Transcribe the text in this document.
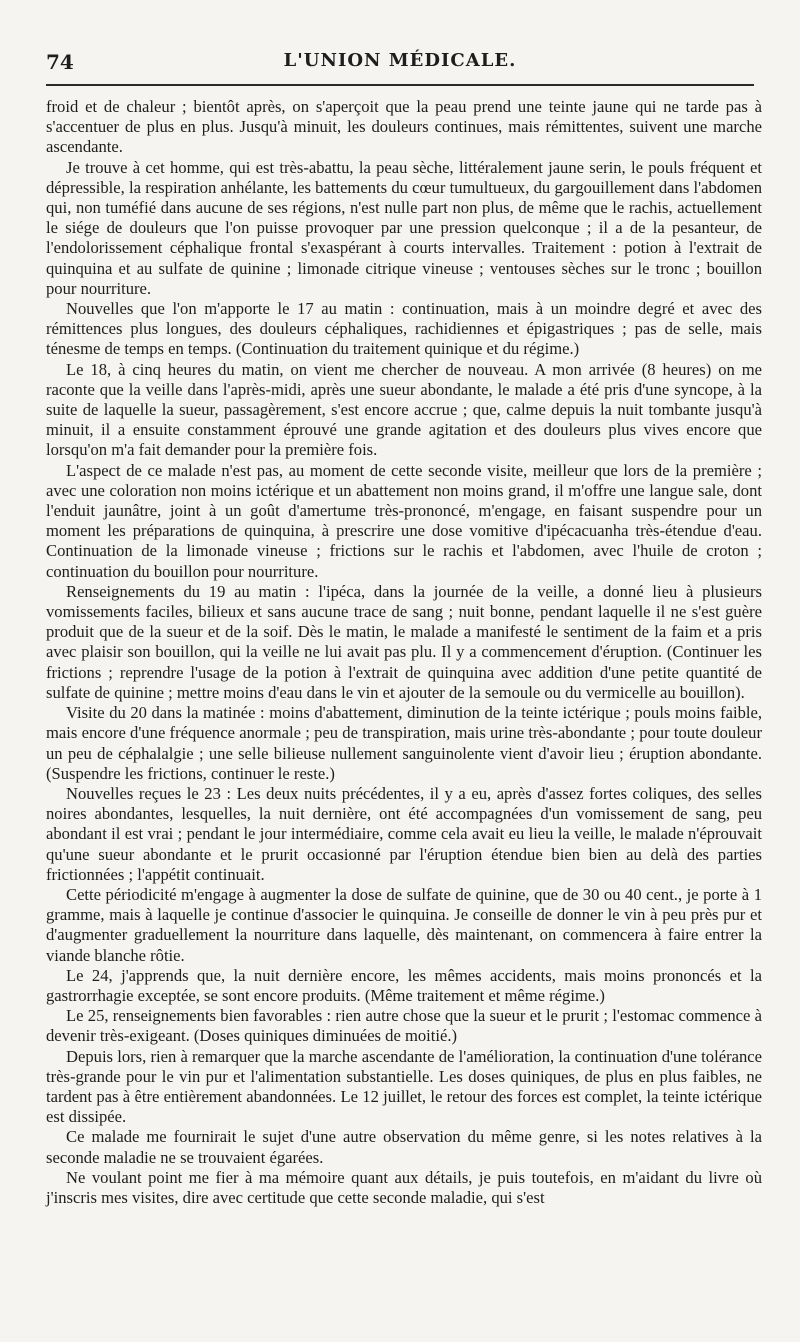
74	L'UNION MÉDICALE.

froid et de chaleur ; bientôt après, on s'aperçoit que la peau prend une teinte jaune qui ne tarde pas à s'accentuer de plus en plus. Jusqu'à minuit, les douleurs continues, mais rémittentes, suivent une marche ascendante.

Je trouve à cet homme, qui est très-abattu, la peau sèche, littéralement jaune serin, le pouls fréquent et dépressible, la respiration anhélante, les battements du cœur tumultueux, du gargouillement dans l'abdomen qui, non tuméfié dans aucune de ses régions, n'est nulle part non plus, de même que le rachis, actuellement le siége de douleurs que l'on puisse provoquer par une pression quelconque ; il a de la pesanteur, de l'endolorissement céphalique frontal s'exaspérant à courts intervalles. Traitement : potion à l'extrait de quinquina et au sulfate de quinine ; limonade citrique vineuse ; ventouses sèches sur le tronc ; bouillon pour nourriture.

Nouvelles que l'on m'apporte le 17 au matin : continuation, mais à un moindre degré et avec des rémittences plus longues, des douleurs céphaliques, rachidiennes et épigastriques ; pas de selle, mais ténesme de temps en temps. (Continuation du traitement quinique et du régime.)

Le 18, à cinq heures du matin, on vient me chercher de nouveau. A mon arrivée (8 heures) on me raconte que la veille dans l'après-midi, après une sueur abondante, le malade a été pris d'une syncope, à la suite de laquelle la sueur, passagèrement, s'est encore accrue ; que, calme depuis la nuit tombante jusqu'à minuit, il a ensuite constamment éprouvé une grande agitation et des douleurs plus vives encore que lorsqu'on m'a fait demander pour la première fois.

L'aspect de ce malade n'est pas, au moment de cette seconde visite, meilleur que lors de la première ; avec une coloration non moins ictérique et un abattement non moins grand, il m'offre une langue sale, dont l'enduit jaunâtre, joint à un goût d'amertume très-prononcé, m'engage, en faisant suspendre pour un moment les préparations de quinquina, à prescrire une dose vomitive d'ipécacuanha très-étendue d'eau. Continuation de la limonade vineuse ; frictions sur le rachis et l'abdomen, avec l'huile de croton ; continuation du bouillon pour nourriture.

Renseignements du 19 au matin : l'ipéca, dans la journée de la veille, a donné lieu à plusieurs vomissements faciles, bilieux et sans aucune trace de sang ; nuit bonne, pendant laquelle il ne s'est guère produit que de la sueur et de la soif. Dès le matin, le malade a manifesté le sentiment de la faim et a pris avec plaisir son bouillon, qui la veille ne lui avait pas plu. Il y a commencement d'éruption. (Continuer les frictions ; reprendre l'usage de la potion à l'extrait de quinquina avec addition d'une petite quantité de sulfate de quinine ; mettre moins d'eau dans le vin et ajouter de la semoule ou du vermicelle au bouillon).

Visite du 20 dans la matinée : moins d'abattement, diminution de la teinte ictérique ; pouls moins faible, mais encore d'une fréquence anormale ; peu de transpiration, mais urine très-abondante ; pour toute douleur un peu de céphalalgie ; une selle bilieuse nullement sanguinolente vient d'avoir lieu ; éruption abondante. (Suspendre les frictions, continuer le reste.)

Nouvelles reçues le 23 : Les deux nuits précédentes, il y a eu, après d'assez fortes coliques, des selles noires abondantes, lesquelles, la nuit dernière, ont été accompagnées d'un vomissement de sang, peu abondant il est vrai ; pendant le jour intermédiaire, comme cela avait eu lieu la veille, le malade n'éprouvait qu'une sueur abondante et le prurit occasionné par l'éruption étendue bien bien au delà des parties frictionnées ; l'appétit continuait.

Cette périodicité m'engage à augmenter la dose de sulfate de quinine, que de 30 ou 40 cent., je porte à 1 gramme, mais à laquelle je continue d'associer le quinquina. Je conseille de donner le vin à peu près pur et d'augmenter graduellement la nourriture dans laquelle, dès maintenant, on commencera à faire entrer la viande blanche rôtie.

Le 24, j'apprends que, la nuit dernière encore, les mêmes accidents, mais moins prononcés et la gastrorrhagie exceptée, se sont encore produits. (Même traitement et même régime.)

Le 25, renseignements bien favorables : rien autre chose que la sueur et le prurit ; l'estomac commence à devenir très-exigeant. (Doses quiniques diminuées de moitié.)

Depuis lors, rien à remarquer que la marche ascendante de l'amélioration, la continuation d'une tolérance très-grande pour le vin pur et l'alimentation substantielle. Les doses quiniques, de plus en plus faibles, ne tardent pas à être entièrement abandonnées. Le 12 juillet, le retour des forces est complet, la teinte ictérique est dissipée.

Ce malade me fournirait le sujet d'une autre observation du même genre, si les notes relatives à la seconde maladie ne se trouvaient égarées.

Ne voulant point me fier à ma mémoire quant aux détails, je puis toutefois, en m'aidant du livre où j'inscris mes visites, dire avec certitude que cette seconde maladie, qui s'est
